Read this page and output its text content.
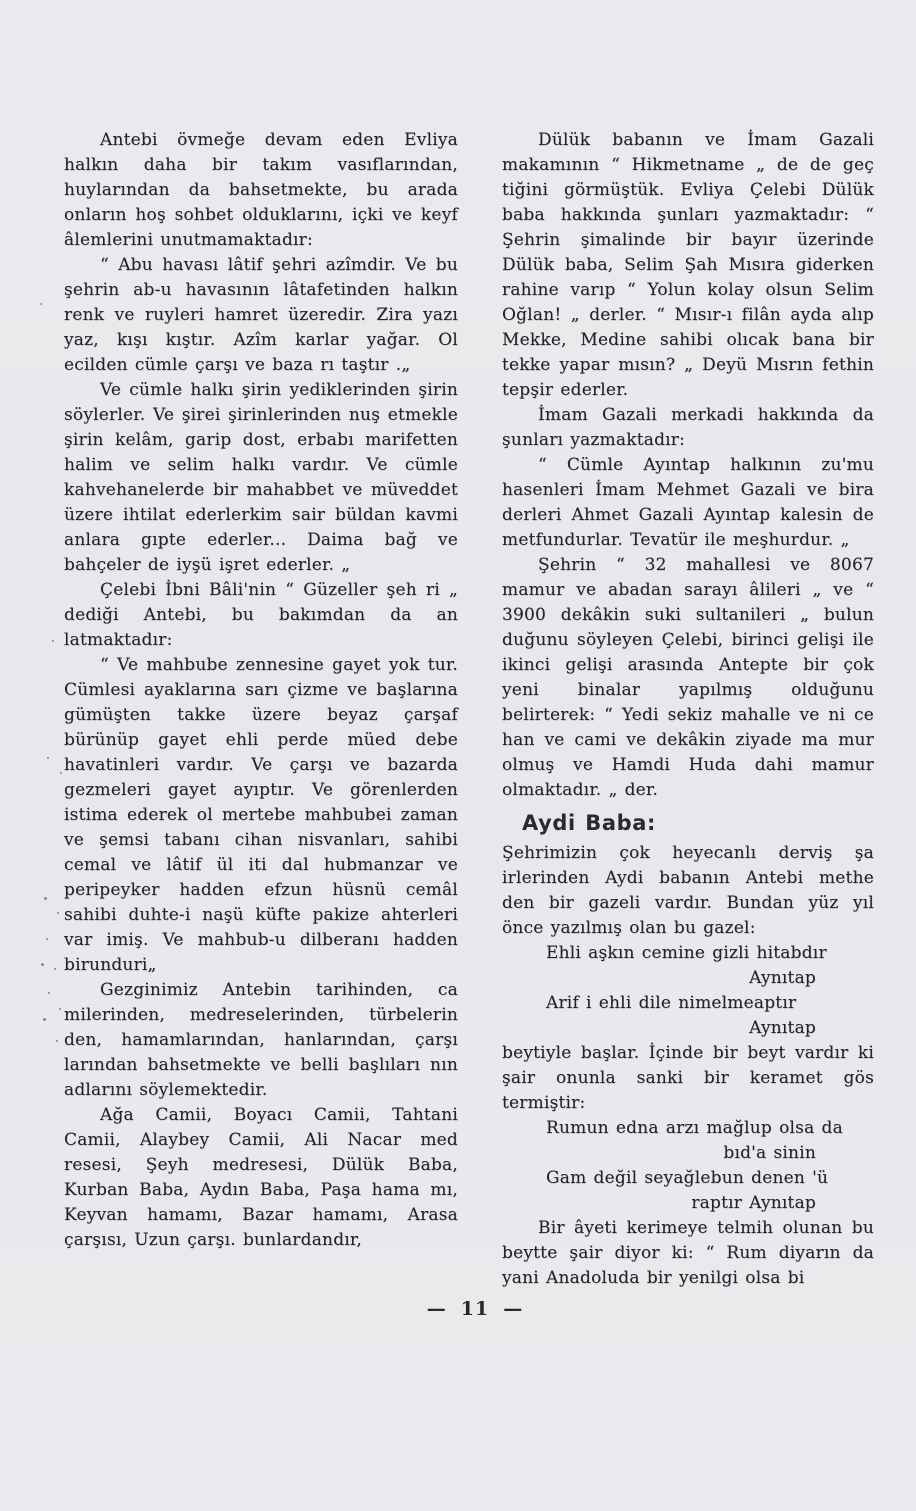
Antebi övmeğe devam eden Evliya halkın daha bir takım vasıflarından, huylarından da bahsetmekte, bu arada onların hoş sohbet olduklarını, içki ve keyf âlemlerini unutmamaktadır:

“ Abu havası lâtif şehri azîmdir. Ve bu şehrin ab-u havasının lâtafetinden halkın renk ve ruyleri hamret üzeredir. Zira yazı yaz, kışı kıştır. Azîm karlar yağar. Ol ecilden cümle çarşı ve baza rı taştır .„

Ve cümle halkı şirin yediklerinden şirin söylerler. Ve şirei şirinlerinden nuş etmekle şirin kelâm, garip dost, erbabı marifetten halim ve selim halkı vardır. Ve cümle kahvehanelerde bir mahabbet ve müveddet üzere ihtilat ederlerkim sair büldan kavmi anlara gıpte ederler... Daima bağ ve bahçeler de iyşü işret ederler. „

Çelebi İbni Bâli'nin “ Güzeller şeh ri „ dediği Antebi, bu bakımdan da an latmaktadır:

“ Ve mahbube zennesine gayet yok tur. Cümlesi ayaklarına sarı çizme ve başlarına gümüşten takke üzere beyaz çarşaf bürünüp gayet ehli perde müed debe havatinleri vardır. Ve çarşı ve bazarda gezmeleri gayet ayıptır. Ve görenlerden istima ederek ol mertebe mahbubei zaman ve şemsi tabanı cihan nisvanları, sahibi cemal ve lâtif ül iti dal hubmanzar ve peripeyker hadden efzun hüsnü cemâl sahibi duhte-i naşü küfte pakize ahterleri var imiş. Ve mahbub-u dilberanı hadden birunduri„

Gezginimiz Antebin tarihinden, ca milerinden, medreselerinden, türbelerin den, hamamlarından, hanlarından, çarşı larından bahsetmekte ve belli başlıları nın adlarını söylemektedir.

Ağa Camii, Boyacı Camii, Tahtani Camii, Alaybey Camii, Ali Nacar med resesi, Şeyh medresesi, Dülük Baba, Kurban Baba, Aydın Baba, Paşa hama mı, Keyvan hamamı, Bazar hamamı, Arasa çarşısı, Uzun çarşı. bunlardandır,

Dülük babanın ve İmam Gazali makamının “ Hikmetname „ de de geç tiğini görmüştük. Evliya Çelebi Dülük baba hakkında şunları yazmaktadır: “ Şehrin şimalinde bir bayır üzerinde Dülük baba, Selim Şah Mısıra giderken rahine varıp “ Yolun kolay olsun Selim Oğlan! „ derler. “ Mısır-ı filân ayda alıp Mekke, Medine sahibi olıcak bana bir tekke yapar mısın? „ Deyü Mısrın fethin tepşir ederler.

İmam Gazali merkadi hakkında da şunları yazmaktadır:

“ Cümle Ayıntap halkının zu'mu hasenleri İmam Mehmet Gazali ve bira derleri Ahmet Gazali Ayıntap kalesin de metfundurlar. Tevatür ile meşhurdur. „

Şehrin “ 32 mahallesi ve 8067 mamur ve abadan sarayı âlileri „ ve “ 3900 dekâkin suki sultanileri „ bulun duğunu söyleyen Çelebi, birinci gelişi ile ikinci gelişi arasında Antepte bir çok yeni binalar yapılmış olduğunu belirterek: “ Yedi sekiz mahalle ve ni ce han ve cami ve dekâkin ziyade ma mur olmuş ve Hamdi Huda dahi mamur olmaktadır. „ der.

Aydi Baba:

Şehrimizin çok heyecanlı derviş şa irlerinden Aydi babanın Antebi methe den bir gazeli vardır. Bundan yüz yıl önce yazılmış olan bu gazel:

Ehli aşkın cemine gizli hitabdır

Aynıtap

Arif i ehli dile nimelmeaptır

Aynıtap

beytiyle başlar. İçinde bir beyt vardır ki şair onunla sanki bir keramet gös termiştir:

Rumun edna arzı mağlup olsa da

bıd'a sinin

Gam değil seyağlebun denen 'ü

raptır Aynıtap

Bir âyeti kerimeye telmih olunan bu beytte şair diyor ki: “ Rum diyarın da yani Anadoluda bir yenilgi olsa bi

— 11 —
